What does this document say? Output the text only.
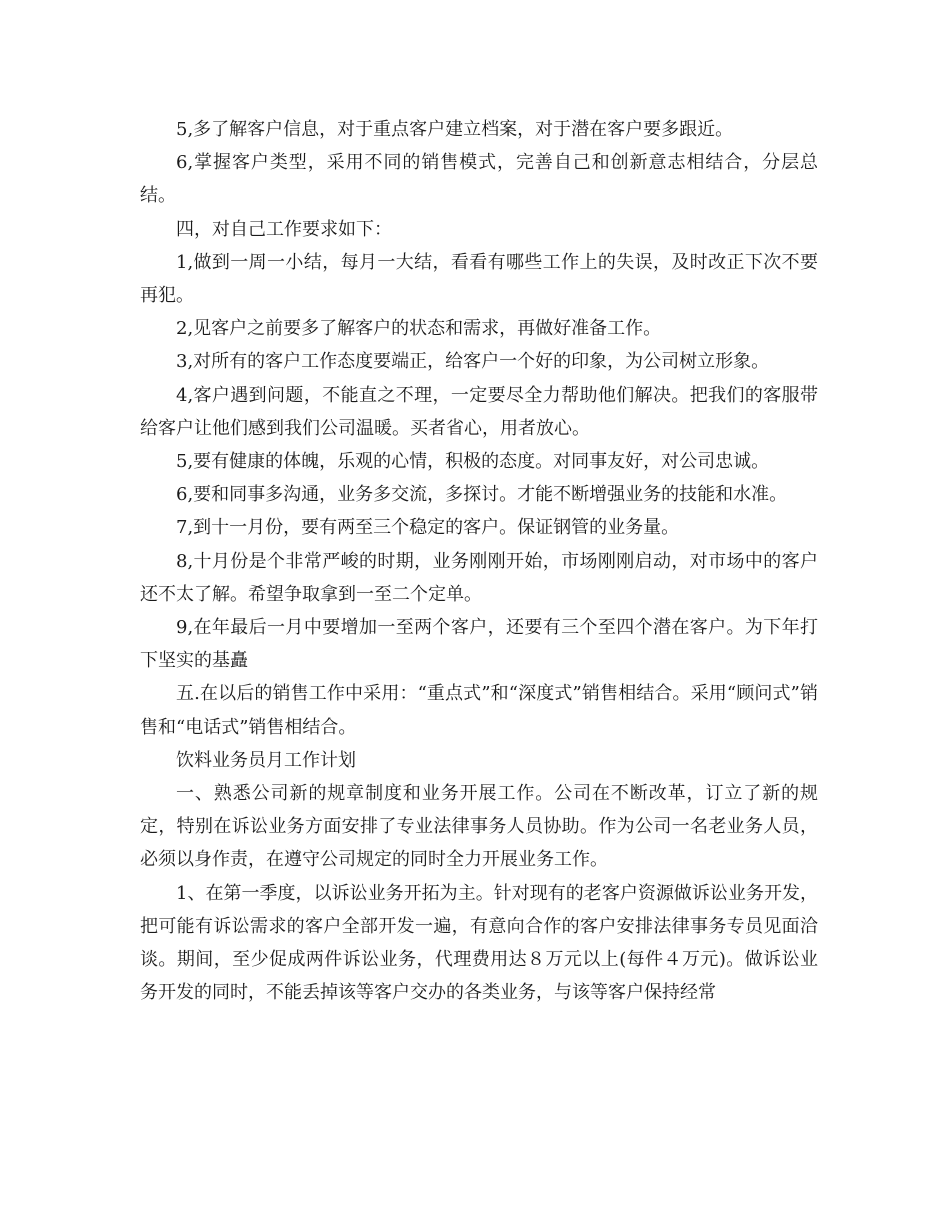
5,多了解客户信息，对于重点客户建立档案，对于潜在客户要多跟近。

6,掌握客户类型，采用不同的销售模式，完善自己和创新意志相结合，分层总结。

四，对自己工作要求如下：

1,做到一周一小结，每月一大结，看看有哪些工作上的失误，及时改正下次不要再犯。

2,见客户之前要多了解客户的状态和需求，再做好准备工作。

3,对所有的客户工作态度要端正，给客户一个好的印象，为公司树立形象。

4,客户遇到问题，不能直之不理，一定要尽全力帮助他们解决。把我们的客服带给客户让他们感到我们公司温暖。买者省心，用者放心。

5,要有健康的体魄，乐观的心情，积极的态度。对同事友好，对公司忠诚。

6,要和同事多沟通，业务多交流，多探讨。才能不断增强业务的技能和水准。

7,到十一月份，要有两至三个稳定的客户。保证钢管的业务量。

8,十月份是个非常严峻的时期，业务刚刚开始，市场刚刚启动，对市场中的客户还不太了解。希望争取拿到一至二个定单。

9,在年最后一月中要增加一至两个客户，还要有三个至四个潜在客户。为下年打下坚实的基矗

五.在以后的销售工作中采用：“重点式”和“深度式”销售相结合。采用“顾问式”销售和“电话式”销售相结合。

饮料业务员月工作计划

一、熟悉公司新的规章制度和业务开展工作。公司在不断改革，订立了新的规定，特别在诉讼业务方面安排了专业法律事务人员协助。作为公司一名老业务人员，必须以身作责，在遵守公司规定的同时全力开展业务工作。

1、在第一季度，以诉讼业务开拓为主。针对现有的老客户资源做诉讼业务开发，把可能有诉讼需求的客户全部开发一遍，有意向合作的客户安排法律事务专员见面洽谈。期间，至少促成两件诉讼业务，代理费用达８万元以上(每件４万元)。做诉讼业务开发的同时，不能丢掉该等客户交办的各类业务，与该等客户保持经常
